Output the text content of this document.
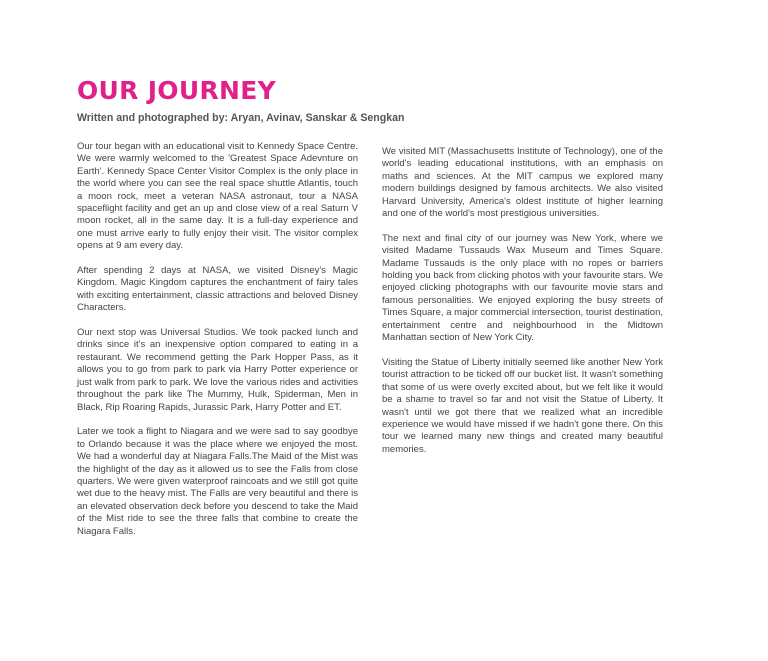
OUR JOURNEY

Written and photographed by: Aryan, Avinav, Sanskar & Sengkan

Our tour began with an educational visit to Kennedy Space Centre. We were warmly welcomed to the 'Greatest Space Adevnture on Earth'. Kennedy Space Center Visitor Complex is the only place in the world where you can see the real space shuttle Atlantis, touch a moon rock, meet a veteran NASA astronaut, tour a NASA spaceflight facility and get an up and close view of a real Saturn V moon rocket, all in the same day. It is a full-day experience and one must arrive early to fully enjoy their visit. The visitor complex opens at 9 am every day.

After spending 2 days at NASA, we visited Disney's Magic Kingdom. Magic Kingdom captures the enchantment of fairy tales with exciting entertainment, classic attractions and beloved Disney Characters.

Our next stop was Universal Studios. We took packed lunch and drinks since it's an inexpensive option compared to eating in a restaurant. We recommend getting the Park Hopper Pass, as it allows you to go from park to park via Harry Potter experience or just walk from park to park. We love the various rides and activities throughout the park like The Mummy, Hulk, Spiderman, Men in Black, Rip Roaring Rapids, Jurassic Park, Harry Potter and ET.

Later we took a flight to Niagara and we were sad to say goodbye to Orlando because it was the place where we enjoyed the most. We had a wonderful day at Niagara Falls.The Maid of the Mist was the highlight of the day as it allowed us to see the Falls from close quarters. We were given waterproof raincoats and we still got quite wet due to the heavy mist. The Falls are very beautiful and there is an elevated observation deck before you descend to take the Maid of the Mist ride to see the three falls that combine to create the Niagara Falls.

We visited MIT (Massachusetts Institute of Technology), one of the world's leading educational institutions, with an emphasis on maths and sciences. At the MIT campus we explored many modern buildings designed by famous architects. We also visited Harvard University, America's oldest institute of higher learning and one of the world's most prestigious universities.

The next and final city of our journey was New York, where we visited Madame Tussauds Wax Museum and Times Square. Madame Tussauds is the only place with no ropes or barriers holding you back from clicking photos with your favourite stars. We enjoyed clicking photographs with our favourite movie stars and famous personalities. We enjoyed exploring the busy streets of Times Square, a major commercial intersection, tourist destination, entertainment centre and neighbourhood in the Midtown Manhattan section of New York City.

Visiting the Statue of Liberty initially seemed like another New York tourist attraction to be ticked off our bucket list. It wasn't something that some of us were overly excited about, but we felt like it would be a shame to travel so far and not visit the Statue of Liberty. It wasn't until we got there that we realized what an incredible experience we would have missed if we hadn't gone there. On this tour we learned many new things and created many beautiful memories.
